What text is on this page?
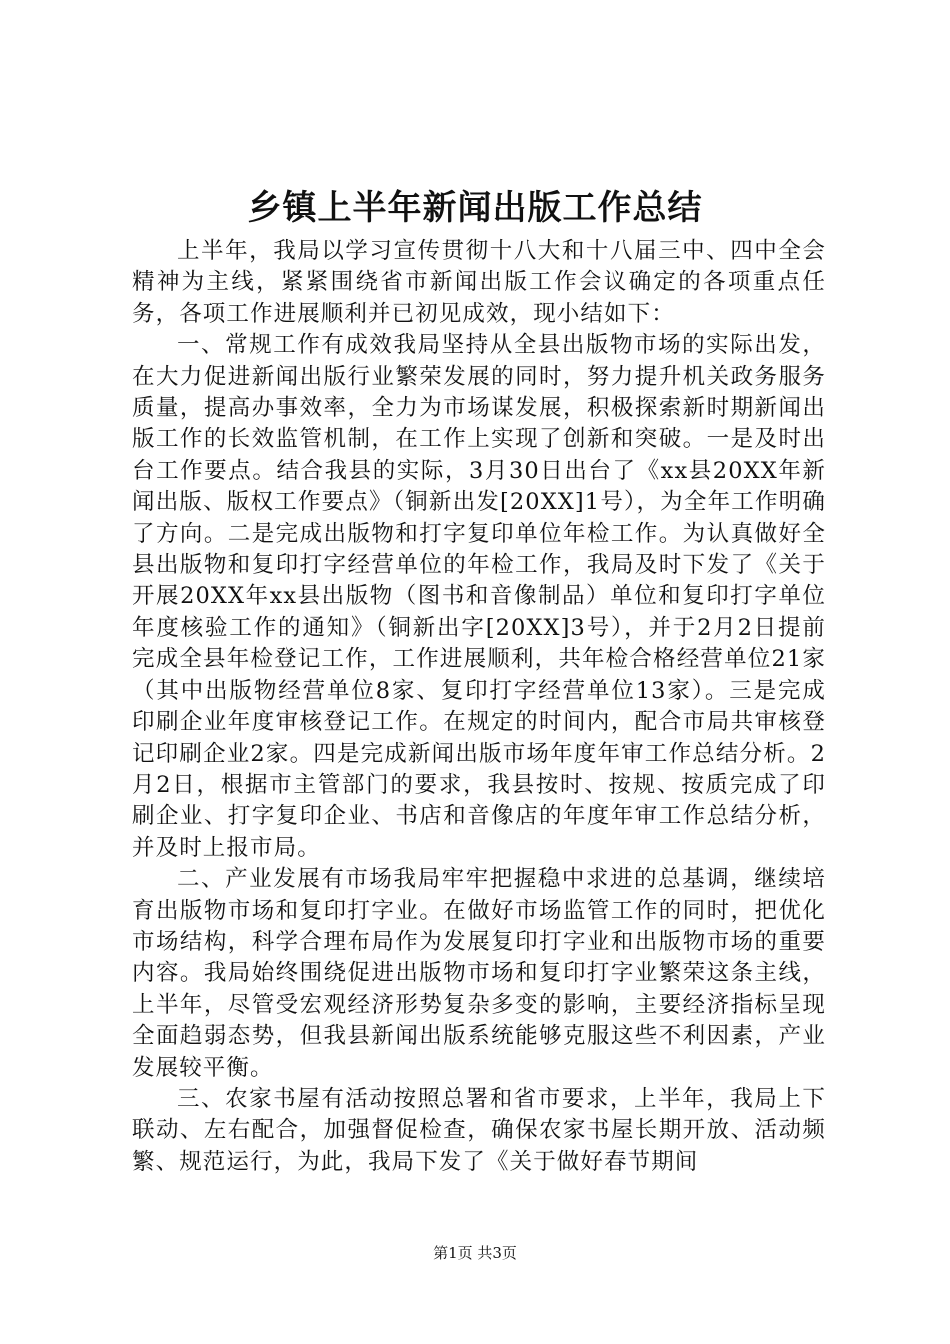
乡镇上半年新闻出版工作总结

上半年，我局以学习宣传贯彻十八大和十八届三中、四中全会精神为主线，紧紧围绕省市新闻出版工作会议确定的各项重点任务，各项工作进展顺利并已初见成效，现小结如下：

一、常规工作有成效我局坚持从全县出版物市场的实际出发，在大力促进新闻出版行业繁荣发展的同时，努力提升机关政务服务质量，提高办事效率，全力为市场谋发展，积极探索新时期新闻出版工作的长效监管机制，在工作上实现了创新和突破。一是及时出台工作要点。结合我县的实际，3月30日出台了《xx县20XX年新闻出版、版权工作要点》（铜新出发[20XX]1号），为全年工作明确了方向。二是完成出版物和打字复印单位年检工作。为认真做好全县出版物和复印打字经营单位的年检工作，我局及时下发了《关于开展20XX年xx县出版物（图书和音像制品）单位和复印打字单位年度核验工作的通知》（铜新出字[20XX]3号），并于2月2日提前完成全县年检登记工作，工作进展顺利，共年检合格经营单位21家（其中出版物经营单位8家、复印打字经营单位13家）。三是完成印刷企业年度审核登记工作。在规定的时间内，配合市局共审核登记印刷企业2家。四是完成新闻出版市场年度年审工作总结分析。2月2日，根据市主管部门的要求，我县按时、按规、按质完成了印刷企业、打字复印企业、书店和音像店的年度年审工作总结分析，并及时上报市局。

二、产业发展有市场我局牢牢把握稳中求进的总基调，继续培育出版物市场和复印打字业。在做好市场监管工作的同时，把优化市场结构，科学合理布局作为发展复印打字业和出版物市场的重要内容。我局始终围绕促进出版物市场和复印打字业繁荣这条主线，上半年，尽管受宏观经济形势复杂多变的影响，主要经济指标呈现全面趋弱态势，但我县新闻出版系统能够克服这些不利因素，产业发展较平衡。

三、农家书屋有活动按照总署和省市要求，上半年，我局上下联动、左右配合，加强督促检查，确保农家书屋长期开放、活动频繁、规范运行，为此，我局下发了《关于做好春节期间

第1页 共3页
